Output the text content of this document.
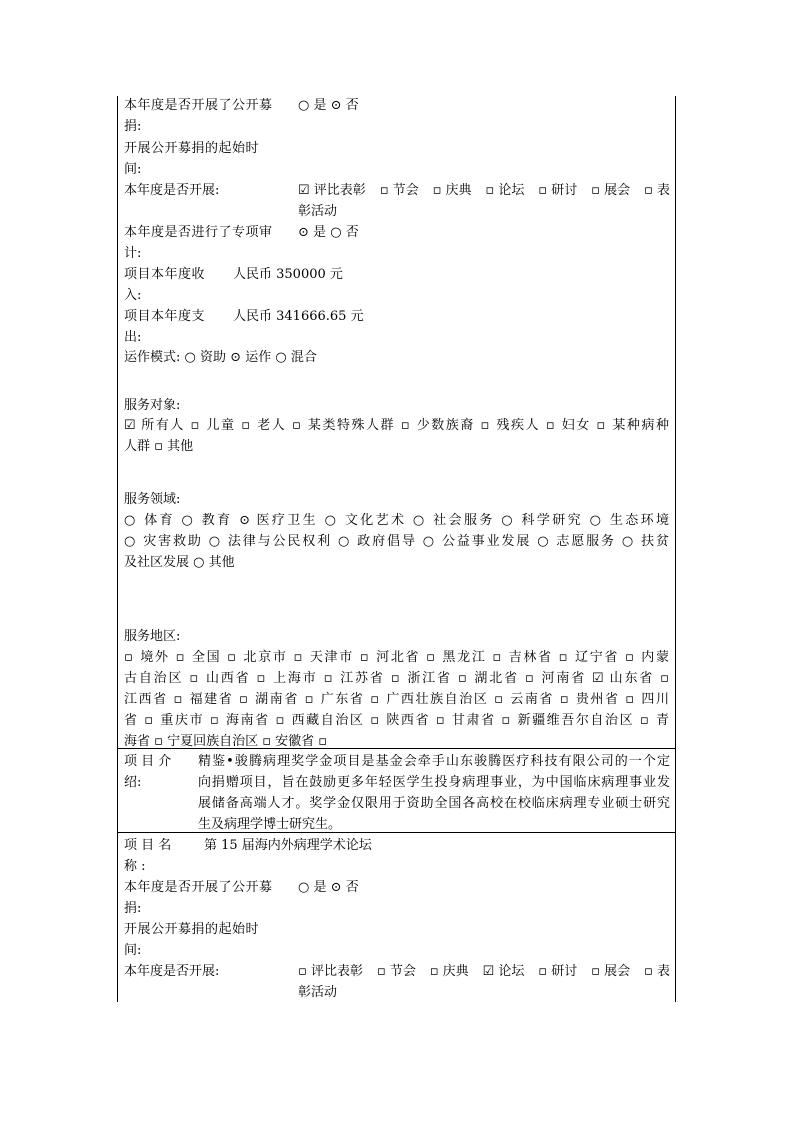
本年度是否开展了公开募 ○ 是 ⊙ 否
捐:
开展公开募捐的起始时
间:
本年度是否开展:	☑ 评比表彰 ▫ 节会 ▫ 庆典 ▫ 论坛 ▫ 研讨 ▫ 展会 ▫ 表
彰活动
本年度是否进行了专项审 ⊙ 是 ○ 否
计:
项目本年度收 人民币 350000 元
入:
项目本年度支 人民币 341666.65 元
出:
运作模式: ○ 资助 ⊙ 运作 ○ 混合
服务对象:
☑ 所有人 ▫ 儿童 ▫ 老人 ▫ 某类特殊人群 ▫ 少数族裔 ▫ 残疾人 ▫ 妇女 ▫ 某种病种
人群 ▫ 其他
服务领域:
○ 体育 ○ 教育 ⊙ 医疗卫生 ○ 文化艺术 ○ 社会服务 ○ 科学研究 ○ 生态环境
○ 灾害救助 ○ 法律与公民权利 ○ 政府倡导 ○ 公益事业发展 ○ 志愿服务 ○ 扶贫
及社区发展 ○ 其他
服务地区:
▫ 境外 ▫ 全国 ▫ 北京市 ▫ 天津市 ▫ 河北省 ▫ 黑龙江 ▫ 吉林省 ▫ 辽宁省 ▫ 内蒙
古自治区 ▫ 山西省 ▫ 上海市 ▫ 江苏省 ▫ 浙江省 ▫ 湖北省 ▫ 河南省 ☑ 山东省 ▫
江西省 ▫ 福建省 ▫ 湖南省 ▫ 广东省 ▫ 广西壮族自治区 ▫ 云南省 ▫ 贵州省 ▫ 四川
省 ▫ 重庆市 ▫ 海南省 ▫ 西藏自治区 ▫ 陕西省 ▫ 甘肃省 ▫ 新疆维吾尔自治区 ▫ 青
海省 ▫ 宁夏回族自治区 ▫ 安徽省 ▫
项 目 介
绍:
精鉴•骏腾病理奖学金项目是基金会牵手山东骏腾医疗科技有限公司的一个定
向捐赠项目，旨在鼓励更多年轻医学生投身病理事业，为中国临床病理事业发
展储备高端人才。奖学金仅限用于资助全国各高校在校临床病理专业硕士研究
生及病理学博士研究生。
项 目 名	第 15 届海内外病理学术论坛
称 :
本年度是否开展了公开募 ○ 是 ⊙ 否
捐:
开展公开募捐的起始时
间:
本年度是否开展:	▫ 评比表彰 ▫ 节会 ▫ 庆典 ☑ 论坛 ▫ 研讨 ▫ 展会 ▫ 表
彰活动
